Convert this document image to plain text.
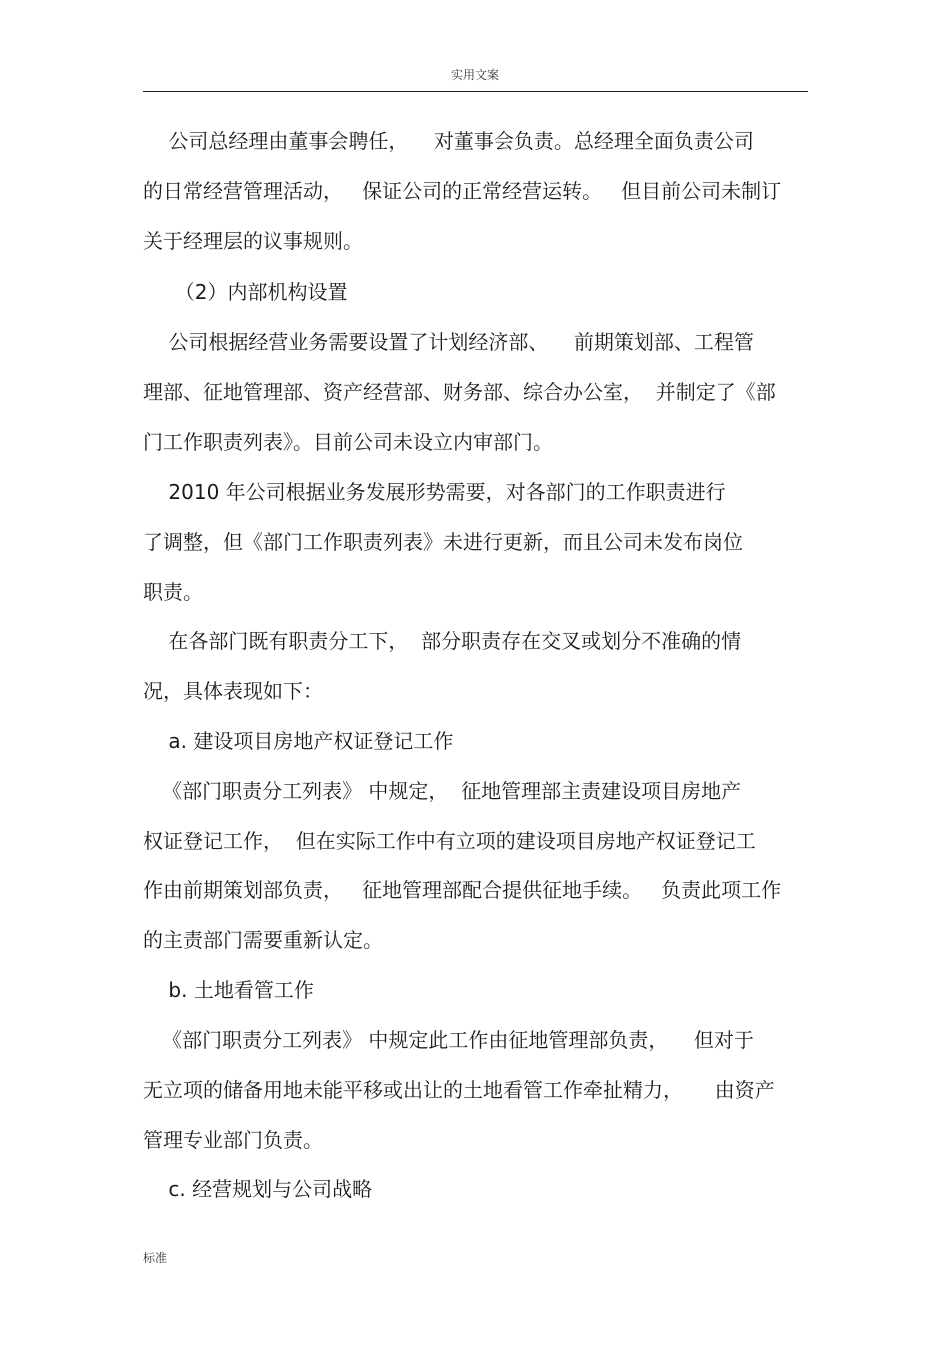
实用文案
公司总经理由董事会聘任，    对董事会负责。总经理全面负责公司
的日常经营管理活动，   保证公司的正常经营运转。   但目前公司未制订
关于经理层的议事规则。
（2）内部机构设置
公司根据经营业务需要设置了计划经济部、    前期策划部、工程管
理部、征地管理部、资产经营部、财务部、综合办公室，  并制定了《部
门工作职责列表》。目前公司未设立内审部门。
2010 年公司根据业务发展形势需要，对各部门的工作职责进行
了调整，但《部门工作职责列表》未进行更新，而且公司未发布岗位
职责。
在各部门既有职责分工下，  部分职责存在交叉或划分不准确的情
况，具体表现如下：
a. 建设项目房地产权证登记工作
《部门职责分工列表》 中规定，  征地管理部主责建设项目房地产
权证登记工作，  但在实际工作中有立项的建设项目房地产权证登记工
作由前期策划部负责，   征地管理部配合提供征地手续。   负责此项工作
的主责部门需要重新认定。
b. 土地看管工作
《部门职责分工列表》 中规定此工作由征地管理部负责，    但对于
无立项的储备用地未能平移或出让的土地看管工作牵扯精力，     由资产
管理专业部门负责。
c. 经营规划与公司战略
标准
